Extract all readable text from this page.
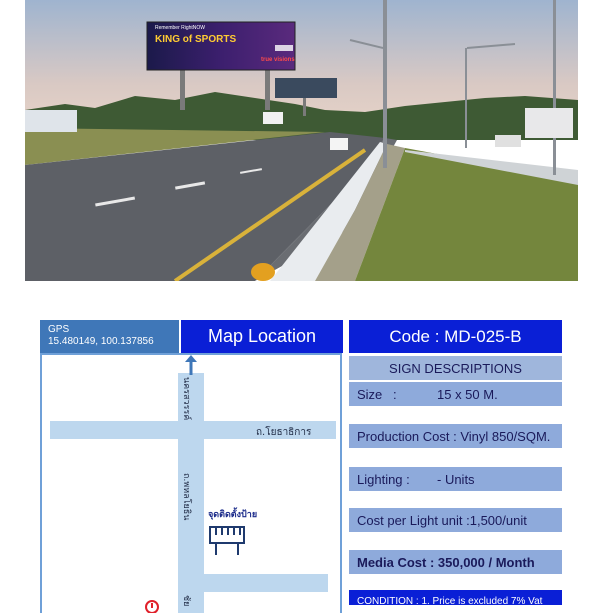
Remember RightNOW
KING of SPORTS
true visions
GPS
15.480149, 100.137856	Map Location
ถ.โยธาธิการ
นครสวรรค์
ถ.พหลโยธิน
ชัย
จุดติดตั้งป้าย
Code : MD-025-B
SIGN DESCRIPTIONS
Size :	15 x 50 M.
Production Cost : Vinyl 850/SQM.
Lighting :	- Units
Cost per Light unit :1,500/unit
Media Cost : 350,000 / Month
CONDITION : 1. Price is excluded 7% Vat
